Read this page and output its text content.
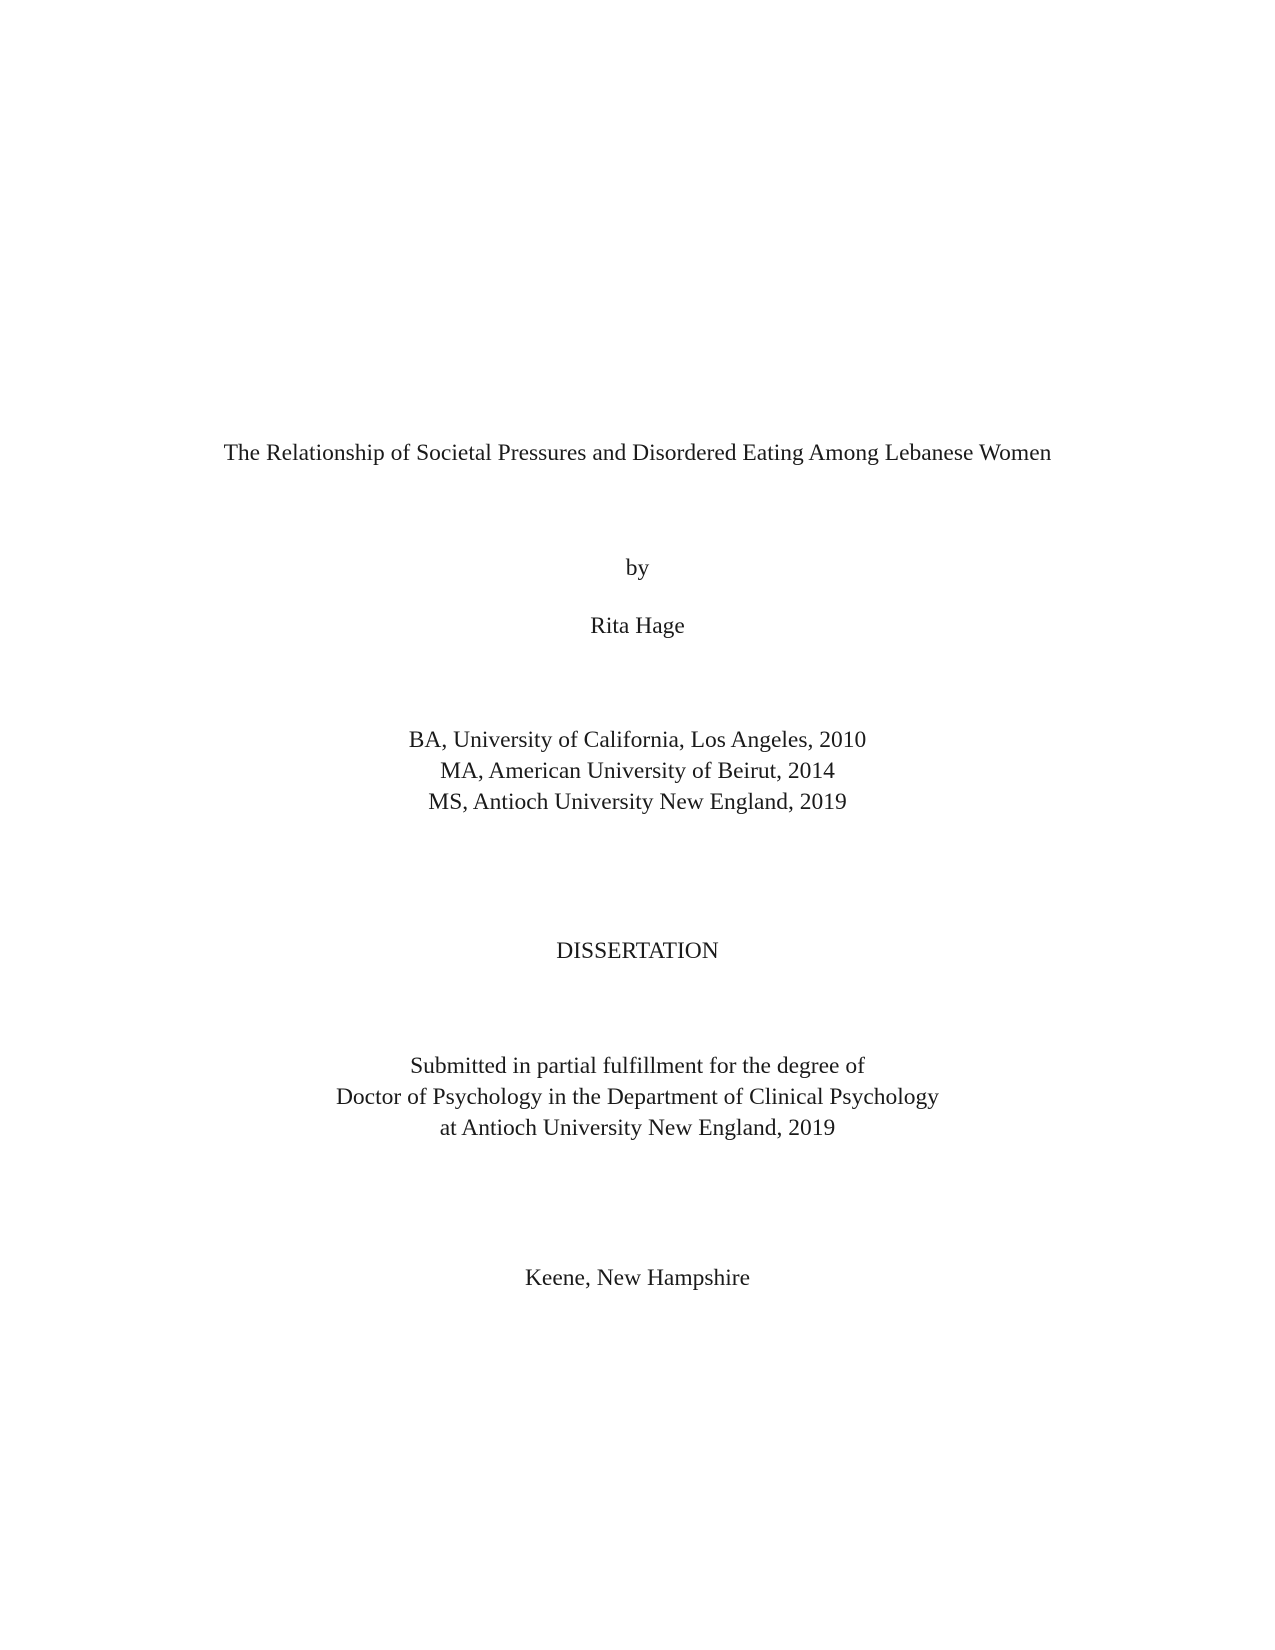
The Relationship of Societal Pressures and Disordered Eating Among Lebanese Women
by
Rita Hage
BA, University of California, Los Angeles, 2010
MA, American University of Beirut, 2014
MS, Antioch University New England, 2019
DISSERTATION
Submitted in partial fulfillment for the degree of
Doctor of Psychology in the Department of Clinical Psychology
at Antioch University New England, 2019
Keene, New Hampshire
